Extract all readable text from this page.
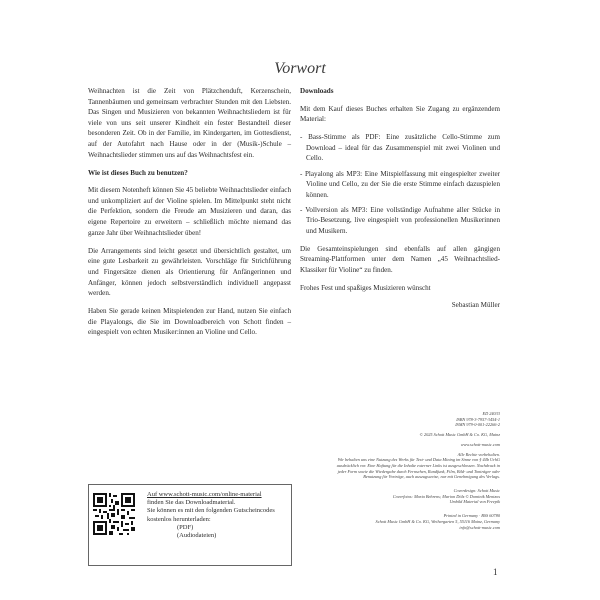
Vorwort

Weihnachten ist die Zeit von Plätzchenduft, Kerzenschein, Tannenbäumen und gemeinsam verbrachter Stunden mit den Liebsten. Das Singen und Musizieren von bekannten Weihnachtsliedern ist für viele von uns seit unserer Kindheit ein fester Bestandteil dieser besonderen Zeit. Ob in der Familie, im Kindergarten, im Gottesdienst, auf der Autofahrt nach Hause oder in der (Musik-)Schule – Weihnachtslieder stimmen uns auf das Weihnachtsfest ein.

Wie ist dieses Buch zu benutzen?

Mit diesem Notenheft können Sie 45 beliebte Weihnachtslieder einfach und unkompliziert auf der Violine spielen. Im Mittelpunkt steht nicht die Perfektion, sondern die Freude am Musizieren und daran, das eigene Repertoire zu erweitern – schließlich möchte niemand das ganze Jahr über Weihnachtslieder üben!

Die Arrangements sind leicht gesetzt und übersichtlich gestaltet, um eine gute Lesbarkeit zu gewährleisten. Vorschläge für Strichführung und Fingersätze dienen als Orientierung für Anfängerinnen und Anfänger, können jedoch selbstverständlich individuell angepasst werden.

Haben Sie gerade keinen Mitspielenden zur Hand, nutzen Sie einfach die Playalongs, die Sie im Downloadbereich von Schott finden – eingespielt von echten Musiker:innen an Violine und Cello.

Downloads

Mit dem Kauf dieses Buches erhalten Sie Zugang zu ergänzendem Material:

- Bass-Stimme als PDF: Eine zusätzliche Cello-Stimme zum Download – ideal für das Zusammenspiel mit zwei Violinen und Cello.
- Playalong als MP3: Eine Mitspielfassung mit eingespielter zweiter Violine und Cello, zu der Sie die erste Stimme einfach dazuspielen können.
- Vollversion als MP3: Eine vollständige Aufnahme aller Stücke in Trio-Besetzung, live eingespielt von professionellen Musikerinnen und Musikern.

Die Gesamteinspielungen sind ebenfalls auf allen gängigen Streaming-Plattformen unter dem Namen „45 Weihnachtslied-Klassiker für Violine“ zu finden.

Frohes Fest und spaßiges Musizieren wünscht

Sebastian Müller
ED 24033
ISBN 978-3-7957-3454-1
ISMN 979-0-001-22266-2
© 2025 Schott Music GmbH & Co. KG, Mainz
www.schott-music.com
Alle Rechte vorbehalten.
Wir behalten uns eine Nutzung des Werks für Text- und Data Mining im Sinne von § 44b UrhG
ausdrücklich vor. Eine Haftung für die Inhalte externer Links ist ausgeschlossen. Nachdruck in
jeder Form sowie die Wiedergabe durch Fernsehen, Rundfunk, Film, Bild- und Tonträger oder
Benutzung für Vorträge, auch auszugsweise, nur mit Genehmigung des Verlags.
Coverdesign: Schott Music
Coverfotos: Maria Behrens; Marion Dölz © Dominik Mentzos
Umbild Material von Freepik
Printed in Germany · BSS 60780
Schott Music GmbH & Co. KG, Weihergarten 5, 55116 Mainz, Germany
info@schott-music.com
Auf www.schott-music.com/online-material
finden Sie das Downloadmaterial.
Sie können es mit den folgenden Gutscheincodes
kostenlos herunterladen:
(PDF)
(Audiodateien)
1
